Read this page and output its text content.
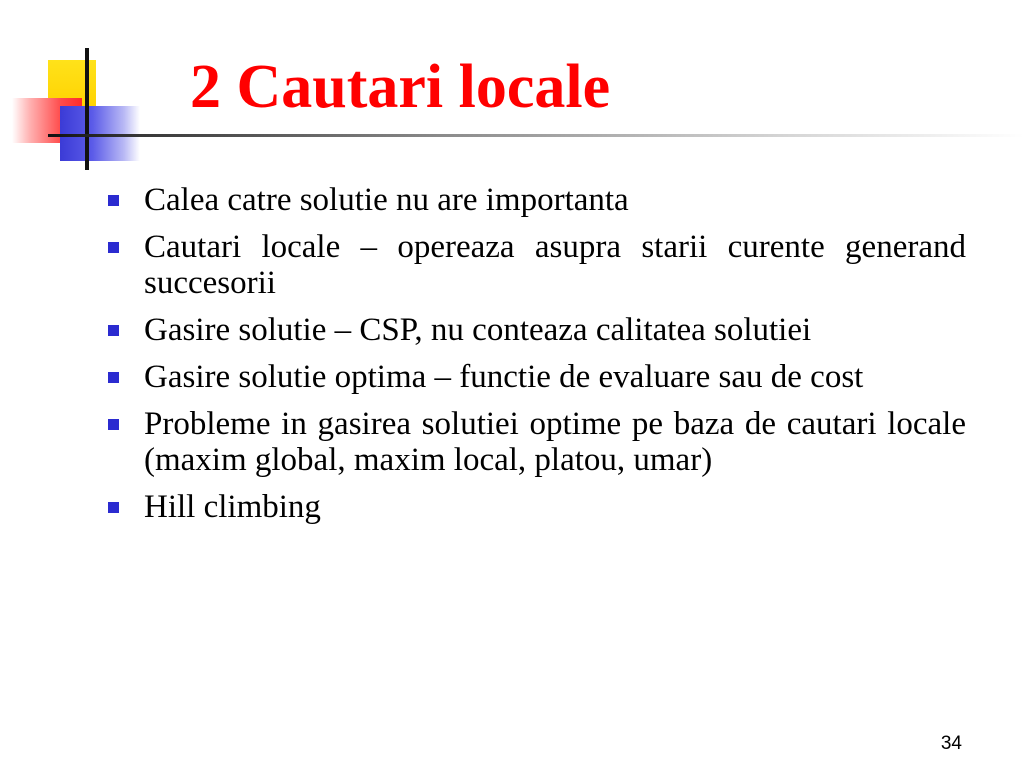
2 Cautari locale
Calea catre solutie nu are importanta
Cautari locale – opereaza asupra starii curente generand succesorii
Gasire solutie – CSP, nu conteaza calitatea solutiei
Gasire solutie optima – functie de evaluare sau de cost
Probleme in gasirea solutiei optime pe baza de cautari locale (maxim global, maxim local, platou, umar)
Hill climbing
34
